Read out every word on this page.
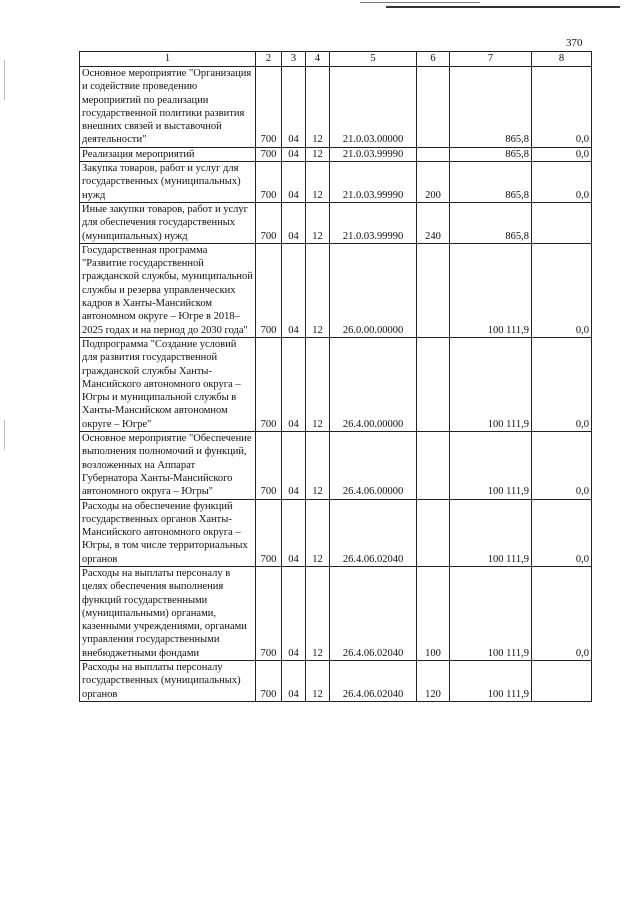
370
1	2	3	4	5	6	7	8
Основное мероприятие "Организация и содействие проведению мероприятий по реализации государственной политики развития внешних связей и выставочной деятельности"	700	04	12	21.0.03.00000		865,8	0,0
Реализация мероприятий	700	04	12	21.0.03.99990		865,8	0,0
Закупка товаров, работ и услуг для государственных (муниципальных) нужд	700	04	12	21.0.03.99990	200	865,8	0,0
Иные закупки товаров, работ и услуг для обеспечения государственных (муниципальных) нужд	700	04	12	21.0.03.99990	240	865,8	
Государственная программа "Развитие государственной гражданской службы, муниципальной службы и резерва управленческих кадров в Ханты-Мансийском автономном округе – Югре в 2018–2025 годах и на период до 2030 года"	700	04	12	26.0.00.00000		100 111,9	0,0
Подпрограмма "Создание условий для развития государственной гражданской службы Ханты-Мансийского автономного округа – Югры и муниципальной службы в Ханты-Мансийском автономном округе – Югре"	700	04	12	26.4.00.00000		100 111,9	0,0
Основное мероприятие "Обеспечение выполнения полномочий и функций, возложенных на Аппарат Губернатора Ханты-Мансийского автономного округа – Югры"	700	04	12	26.4.06.00000		100 111,9	0,0
Расходы на обеспечение функций государственных органов Ханты-Мансийского автономного округа – Югры, в том числе территориальных органов	700	04	12	26.4.06.02040		100 111,9	0,0
Расходы на выплаты персоналу в целях обеспечения выполнения функций государственными (муниципальными) органами, казенными учреждениями, органами управления государственными внебюджетными фондами	700	04	12	26.4.06.02040	100	100 111,9	0,0
Расходы на выплаты персоналу государственных (муниципальных) органов	700	04	12	26.4.06.02040	120	100 111,9	
